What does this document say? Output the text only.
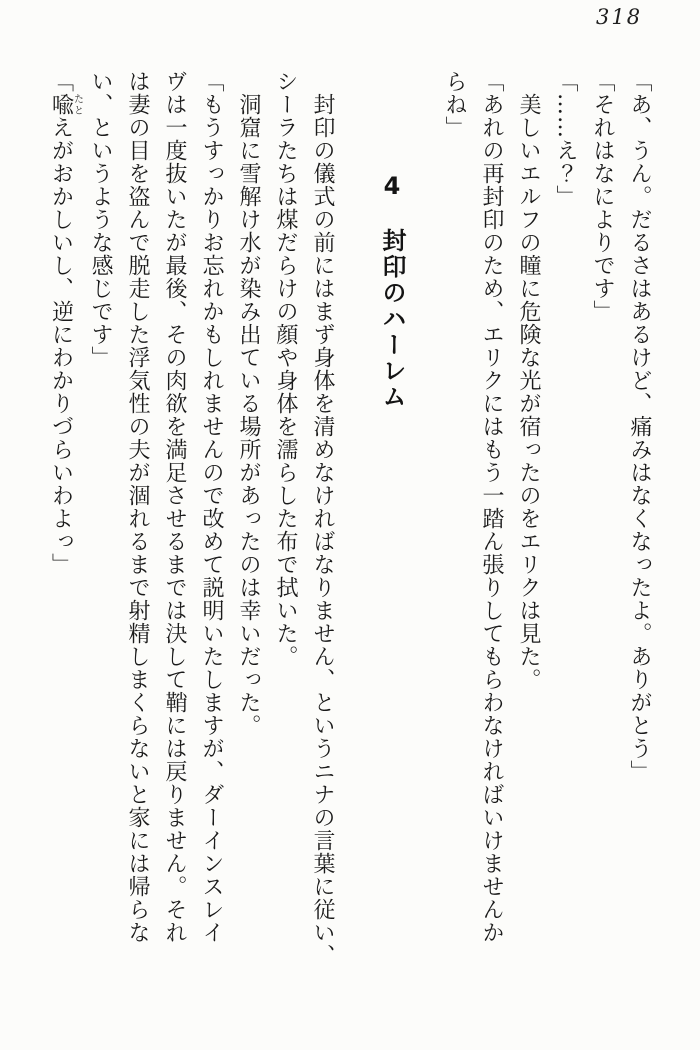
318
「あ、うん。だるさはあるけど、痛みはなくなったよ。ありがとう」
「それはなによりです」
「……え？」
　美しいエルフの瞳に危険な光が宿ったのをエリクは見た。
「あれの再封印のため、エリクにはもう一踏ん張りしてもらわなければいけませんか
らね」
4　封印のハーレム
　封印の儀式の前にはまず身体を清めなければなりません、というニナの言葉に従い、
シーラたちは煤だらけの顔や身体を濡らした布で拭いた。
　洞窟に雪解け水が染み出ている場所があったのは幸いだった。
「もうすっかりお忘れかもしれませんので改めて説明いたしますが、ダーインスレイ
ヴは一度抜いたが最後、その肉欲を満足させるまでは決して鞘には戻りません。それ
は妻の目を盗んで脱走した浮気性の夫が涸れるまで射精しまくらないと家には帰らな
い、というような感じです」
「喩たとえがおかしいし、逆にわかりづらいわよっ」
